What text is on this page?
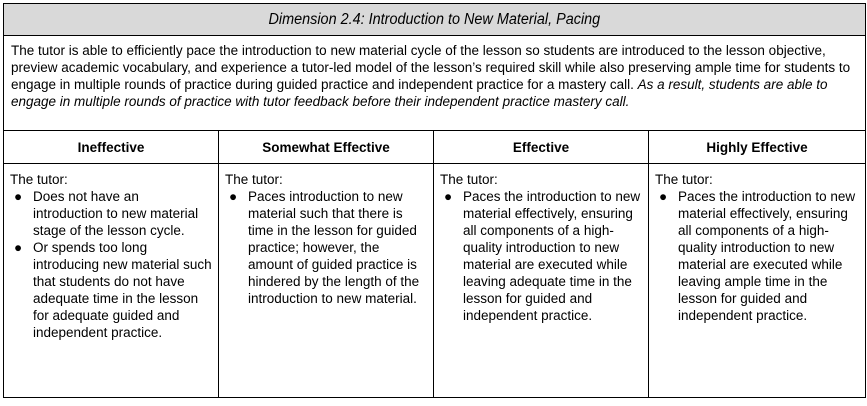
Dimension 2.4: Introduction to New Material, Pacing			
The tutor is able to efficiently pace the introduction to new material cycle of the lesson so students are introduced to the lesson objective, preview academic vocabulary, and experience a tutor-led model of the lesson’s required skill while also preserving ample time for students to engage in multiple rounds of practice during guided practice and independent practice for a mastery call. As a result, students are able to engage in multiple rounds of practice with tutor feedback before their independent practice mastery call.			
Ineffective	Somewhat Effective	Effective	Highly Effective

The tutor:
● Does not have an introduction to new material stage of the lesson cycle.
● Or spends too long introducing new material such that students do not have adequate time in the lesson for adequate guided and independent practice.

The tutor:
● Paces introduction to new material such that there is time in the lesson for guided practice; however, the amount of guided practice is hindered by the length of the introduction to new material.

The tutor:
● Paces the introduction to new material effectively, ensuring all components of a high-quality introduction to new material are executed while leaving adequate time in the lesson for guided and independent practice.

The tutor:
● Paces the introduction to new material effectively, ensuring all components of a high-quality introduction to new material are executed while leaving ample time in the lesson for guided and independent practice.
